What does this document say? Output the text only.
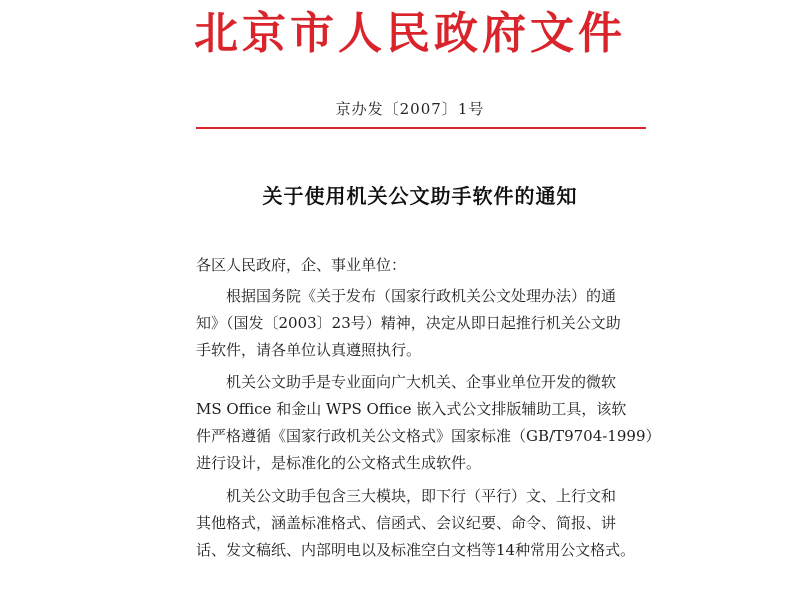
北京市人民政府文件
京办发〔2007〕1号
关于使用机关公文助手软件的通知
各区人民政府，企、事业单位：
根据国务院《关于发布（国家行政机关公文处理办法）的通
知》（国发〔2003〕23号）精神，决定从即日起推行机关公文助
手软件，请各单位认真遵照执行。
机关公文助手是专业面向广大机关、企事业单位开发的微软
MS Office 和金山 WPS Office 嵌入式公文排版辅助工具，该软
件严格遵循《国家行政机关公文格式》国家标准（GB/T9704-1999）
进行设计，是标准化的公文格式生成软件。
机关公文助手包含三大模块，即下行（平行）文、上行文和
其他格式，涵盖标准格式、信函式、会议纪要、命令、简报、讲
话、发文稿纸、内部明电以及标准空白文档等14种常用公文格式。
